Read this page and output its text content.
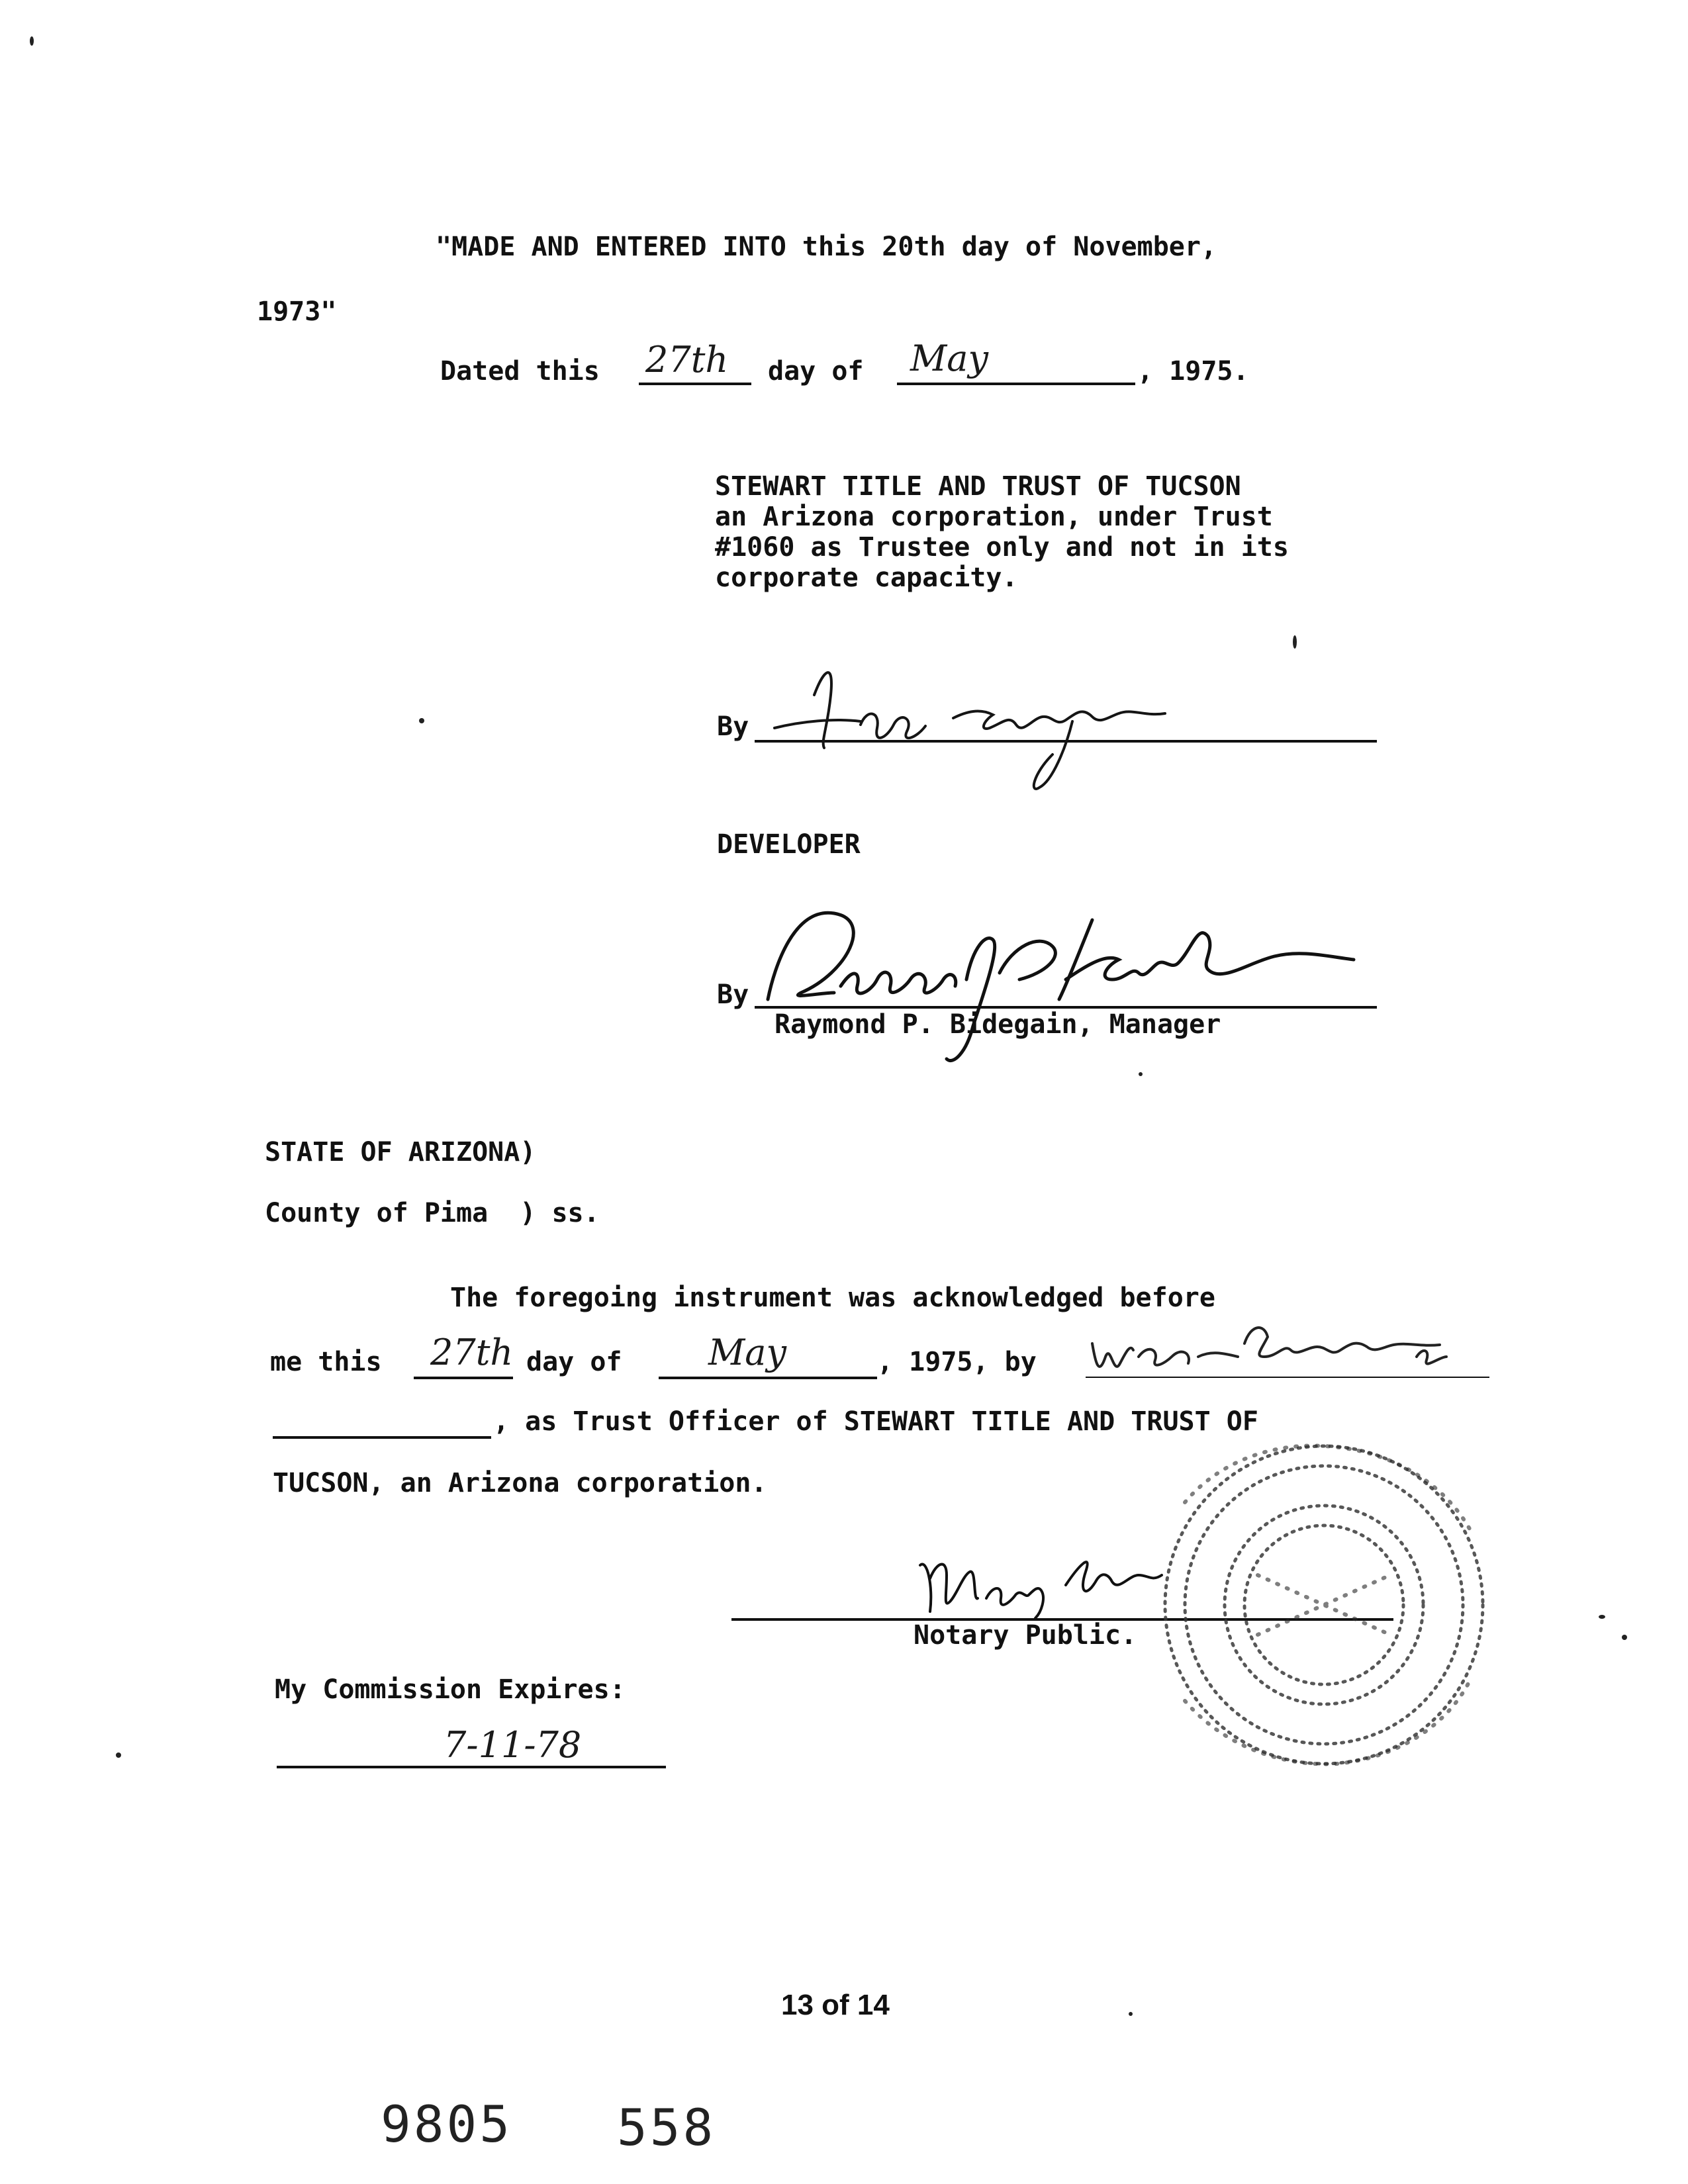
"MADE AND ENTERED INTO this 20th day of November,
1973"
Dated this 27th day of May	, 1975.
STEWART TITLE AND TRUST OF TUCSON
an Arizona corporation, under Trust
#1060 as Trustee only and not in its
corporate capacity.
By
DEVELOPER
By
Raymond P. Bidegain, Manager
STATE OF ARIZONA)
County of Pima  ) ss.
The foregoing instrument was acknowledged before
me this 27th day of May	, 1975, by
, as Trust Officer of STEWART TITLE AND TRUST OF
TUCSON, an Arizona corporation.
Notary Public.
My Commission Expires:
7-11-78
13 of 14
9805 558
